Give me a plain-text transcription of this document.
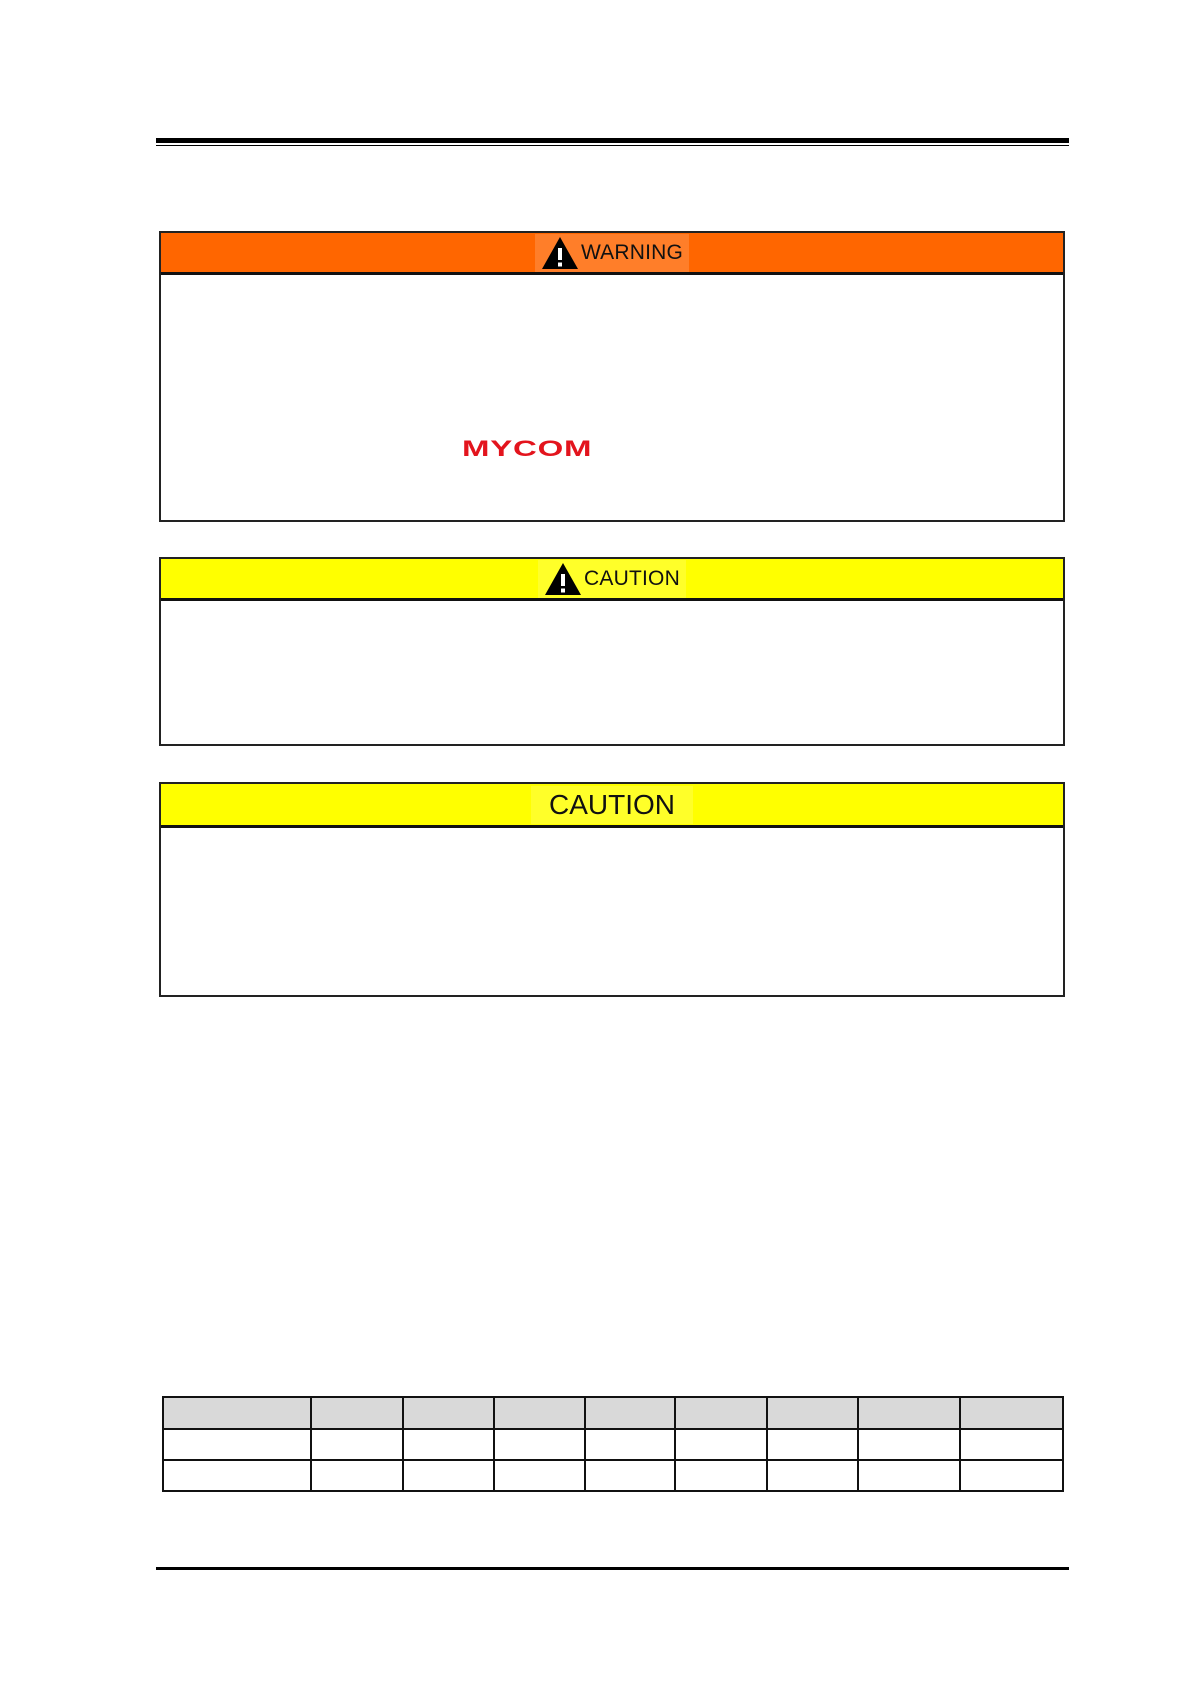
WARNING
MYCOM
CAUTION
CAUTION
